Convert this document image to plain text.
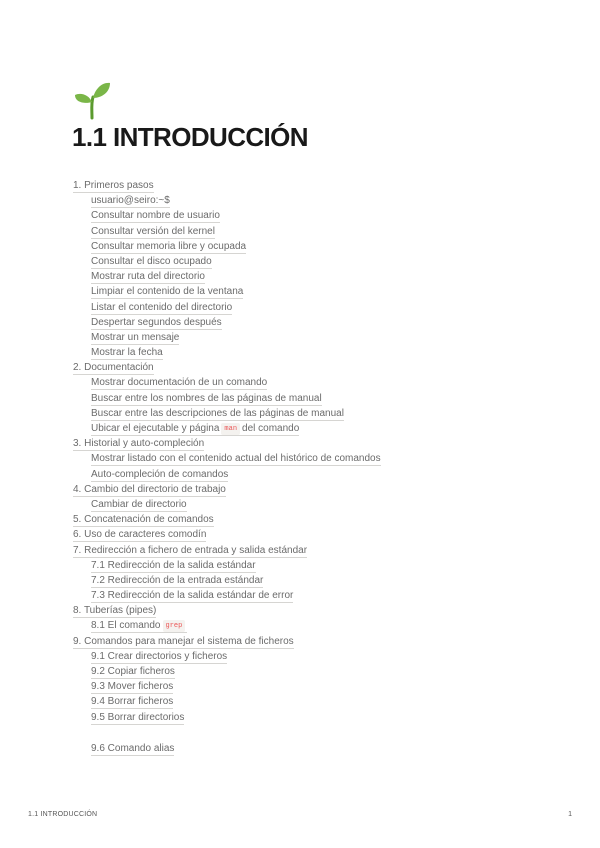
1.1 INTRODUCCIÓN
1. Primeros pasos
usuario@seiro:~$
Consultar nombre de usuario
Consultar versión del kernel
Consultar memoria libre y ocupada
Consultar el disco ocupado
Mostrar ruta del directorio
Limpiar el contenido de la ventana
Listar el contenido del directorio
Despertar segundos después
Mostrar un mensaje
Mostrar la fecha
2. Documentación
Mostrar documentación de un comando
Buscar entre los nombres de las páginas de manual
Buscar entre las descripciones de las páginas de manual
Ubicar el ejecutable y página man del comando
3. Historial y auto-compleción
Mostrar listado con el contenido actual del histórico de comandos
Auto-compleción de comandos
4. Cambio del directorio de trabajo
Cambiar de directorio
5. Concatenación de comandos
6. Uso de caracteres comodín
7. Redirección a fichero de entrada y salida estándar
7.1 Redirección de la salida estándar
7.2 Redirección de la entrada estándar
7.3 Redirección de la salida estándar de error
8. Tuberías (pipes)
8.1 El comando grep
9. Comandos para manejar el sistema de ficheros
9.1 Crear directorios y ficheros
9.2 Copiar ficheros
9.3 Mover ficheros
9.4 Borrar ficheros
9.5 Borrar directorios
9.6 Comando alias
1.1 INTRODUCCIÓN	1
